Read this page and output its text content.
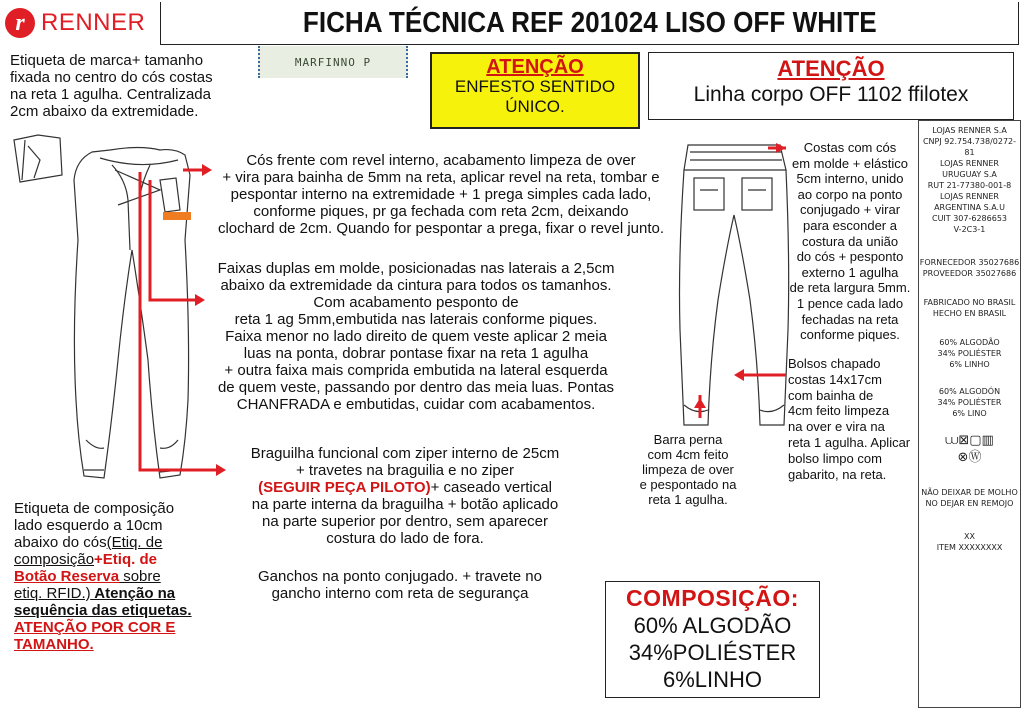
r RENNER	FICHA TÉCNICA REF 201024 LISO OFF WHITE
Etiqueta de marca+ tamanho
fixada no centro do cós costas
na reta 1 agulha. Centralizada
2cm abaixo da extremidade.
MARFINNO P	ATENÇÃO
ENFESTO SENTIDO
ÚNICO.
ATENÇÃO
Linha corpo OFF 1102 ffilotex
Cós frente com revel interno, acabamento limpeza de over
+ vira para bainha de 5mm na reta, aplicar revel na reta, tombar e
pespontar interno na extremidade + 1 prega simples cada lado,
conforme piques, pr ga fechada com reta 2cm, deixando
clochard de 2cm. Quando for pespontar a prega, fixar o revel junto.
Faixas duplas em molde, posicionadas nas laterais a 2,5cm
abaixo da extremidade da cintura para todos os tamanhos.
Com acabamento pesponto de
reta 1 ag 5mm,embutida nas laterais conforme piques.
Faixa menor no lado direito de quem veste aplicar 2 meia
luas na ponta, dobrar pontase fixar na reta 1 agulha
+ outra faixa mais comprida embutida na lateral esquerda
de quem veste, passando por dentro das meia luas. Pontas
CHANFRADA e embutidas, cuidar com acabamentos.
Braguilha funcional com ziper interno de 25cm
+ travetes na braguilia e no ziper
(SEGUIR PEÇA PILOTO)+ caseado vertical
na parte interna da braguilha + botão aplicado
na parte superior por dentro, sem aparecer
costura do lado de fora.
Ganchos na ponto conjugado. + travete no
gancho interno com reta de segurança
Etiqueta de composição
lado esquerdo a 10cm
abaixo do cós(Etiq. de
composição+Etiq. de
Botão Reserva sobre
etiq. RFID.) Atenção na
sequência das etiquetas.
ATENÇÃO POR COR E
TAMANHO.
Barra perna
com 4cm feito
limpeza de over
e pespontado na
reta 1 agulha.
Costas com cós
em molde + elástico
5cm interno, unido
ao corpo na ponto
conjugado + virar
para esconder a
costura da união
do cós + pesponto
externo 1 agulha
de reta largura 5mm.
1 pence cada lado
fechadas na reta
conforme piques.
Bolsos chapado
costas 14x17cm
com bainha de
4cm feito limpeza
na over e vira na
reta 1 agulha. Aplicar
bolso limpo com
gabarito, na reta.
COMPOSIÇÃO:
60% ALGODÃO
34%POLIÉSTER
6%LINHO

LOJAS RENNER S.A
CNPJ 92.754.738/0272-81
LOJAS RENNER
URUGUAY S.A
RUT 21-77380-001-8
LOJAS RENNER
ARGENTINA S.A.U
CUIT 307-6286653
V-2C3-1

FORNECEDOR 35027686
PROVEEDOR 35027686

FABRICADO NO BRASIL
HECHO EN BRASIL

60% ALGODÃO
34% POLIÉSTER
6% LINHO

60% ALGODÓN
34% POLIÉSTER
6% LINO

⩊⊠▢▥
⊗Ⓦ

NÃO DEIXAR DE MOLHO
NO DEJAR EN REMOJO

XX
ITEM XXXXXXXX
